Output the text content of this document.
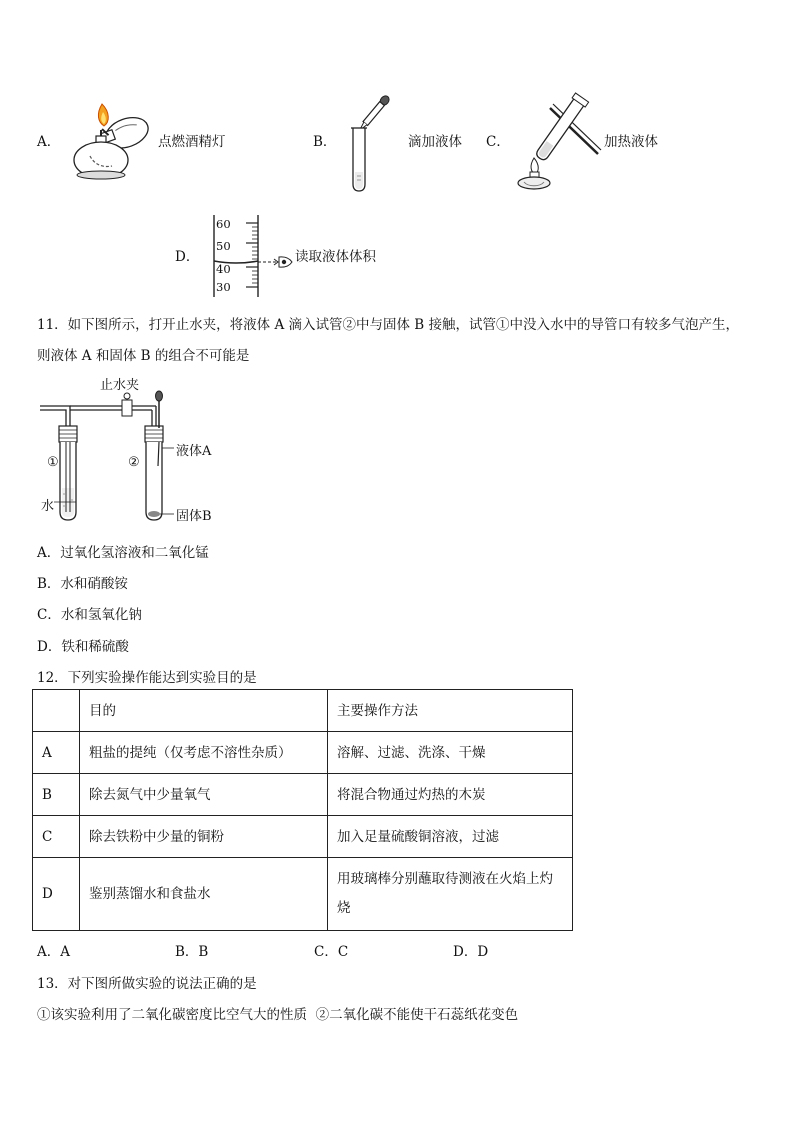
A．	点燃酒精灯	B．	滴加液体 C．	加热液体
D．
60
50
40
30
读取液体体积
11．如下图所示，打开止水夹，将液体 A 滴入试管②中与固体 B 接触，试管①中没入水中的导管口有较多气泡产生，
则液体 A 和固体 B 的组合不可能是
止水夹
①	②
水
液体A
固体B
A．过氧化氢溶液和二氧化锰
B．水和硝酸铵
C．水和氢氧化钠
D．铁和稀硫酸
12．下列实验操作能达到实验目的是
	目的	主要操作方法
A	粗盐的提纯（仅考虑不溶性杂质）	溶解、过滤、洗涤、干燥
B	除去氮气中少量氧气	将混合物通过灼热的木炭
C	除去铁粉中少量的铜粉	加入足量硫酸铜溶液，过滤
D	鉴别蒸馏水和食盐水	用玻璃棒分别蘸取待测液在火焰上灼烧
A．A	B．B	C．C	D．D
13．对下图所做实验的说法正确的是
①该实验利用了二氧化碳密度比空气大的性质  ②二氧化碳不能使干石蕊纸花变色
